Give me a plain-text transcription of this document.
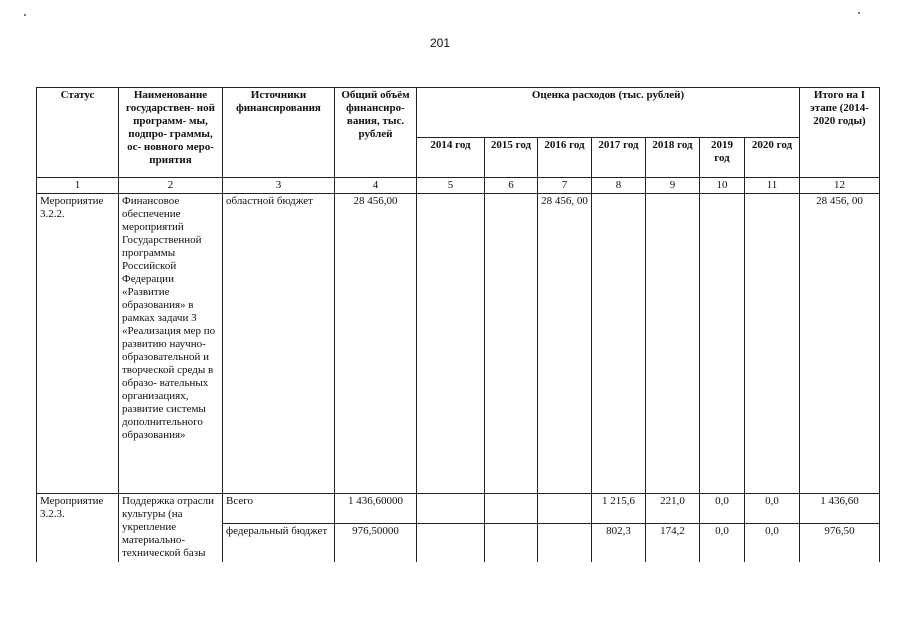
201
Статус	Наименование государствен- ной программ- мы, подпро- граммы, ос- новного меро- приятия	Источники финансирования	Общий объём финансиро- вания, тыс. рублей	Оценка расходов (тыс. рублей)							Итого на I этапе (2014- 2020 годы)
				2014 год	2015 год	2016 год	2017 год	2018 год	2019 год	2020 год	
1	2	3	4	5	6	7	8	9	10	11	12
Мероприятие 3.2.2.	Финансовое обеспечение мероприятий Государственной программы Российской Федерации «Развитие образования» в рамках задачи 3 «Реализация мер по развитию научно- образовательной и творческой среды в образо- вательных организациях, развитие системы дополнительного образования»	областной бюджет	28 456,00			28 456, 00					28 456, 00
Мероприятие 3.2.3.	Поддержка отрасли культуры (на укрепление материально- технической базы	Всего	1 436,60000				1 215,6	221,0	0,0	0,0	1 436,60
		федеральный бюджет	976,50000				802,3	174,2	0,0	0,0	976,50
